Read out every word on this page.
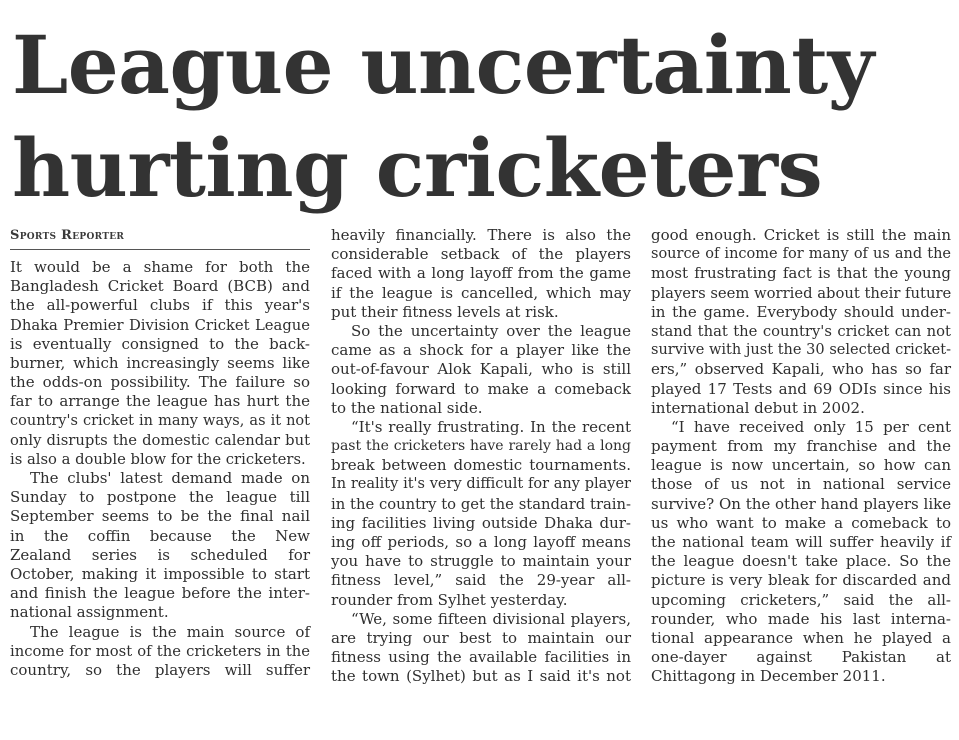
League uncertainty
hurting cricketers
Sports Reporter
It would be a shame for both the
Bangladesh Cricket Board (BCB) and
the all-powerful clubs if this year's
Dhaka Premier Division Cricket League
is eventually consigned to the back-
burner, which increasingly seems like
the odds-on possibility. The failure so
far to arrange the league has hurt the
country's cricket in many ways, as it not
only disrupts the domestic calendar but
is also a double blow for the cricketers.
The clubs' latest demand made on
Sunday to postpone the league till
September seems to be the final nail
in the coffin because the New
Zealand series is scheduled for
October, making it impossible to start
and finish the league before the inter-
national assignment.
The league is the main source of
income for most of the cricketers in the
country, so the players will suffer
heavily financially. There is also the
considerable setback of the players
faced with a long layoff from the game
if the league is cancelled, which may
put their fitness levels at risk.
So the uncertainty over the league
came as a shock for a player like the
out-of-favour Alok Kapali, who is still
looking forward to make a comeback
to the national side.
“It's really frustrating. In the recent
past the cricketers have rarely had a long
break between domestic tournaments.
In reality it's very difficult for any player
in the country to get the standard train-
ing facilities living outside Dhaka dur-
ing off periods, so a long layoff means
you have to struggle to maintain your
fitness level,” said the 29-year all-
rounder from Sylhet yesterday.
“We, some fifteen divisional players,
are trying our best to maintain our
fitness using the available facilities in
the town (Sylhet) but as I said it's not
good enough. Cricket is still the main
source of income for many of us and the
most frustrating fact is that the young
players seem worried about their future
in the game. Everybody should under-
stand that the country's cricket can not
survive with just the 30 selected cricket-
ers,” observed Kapali, who has so far
played 17 Tests and 69 ODIs since his
international debut in 2002.
“I have received only 15 per cent
payment from my franchise and the
league is now uncertain, so how can
those of us not in national service
survive? On the other hand players like
us who want to make a comeback to
the national team will suffer heavily if
the league doesn't take place. So the
picture is very bleak for discarded and
upcoming cricketers,” said the all-
rounder, who made his last interna-
tional appearance when he played a
one-dayer against Pakistan at
Chittagong in December 2011.
